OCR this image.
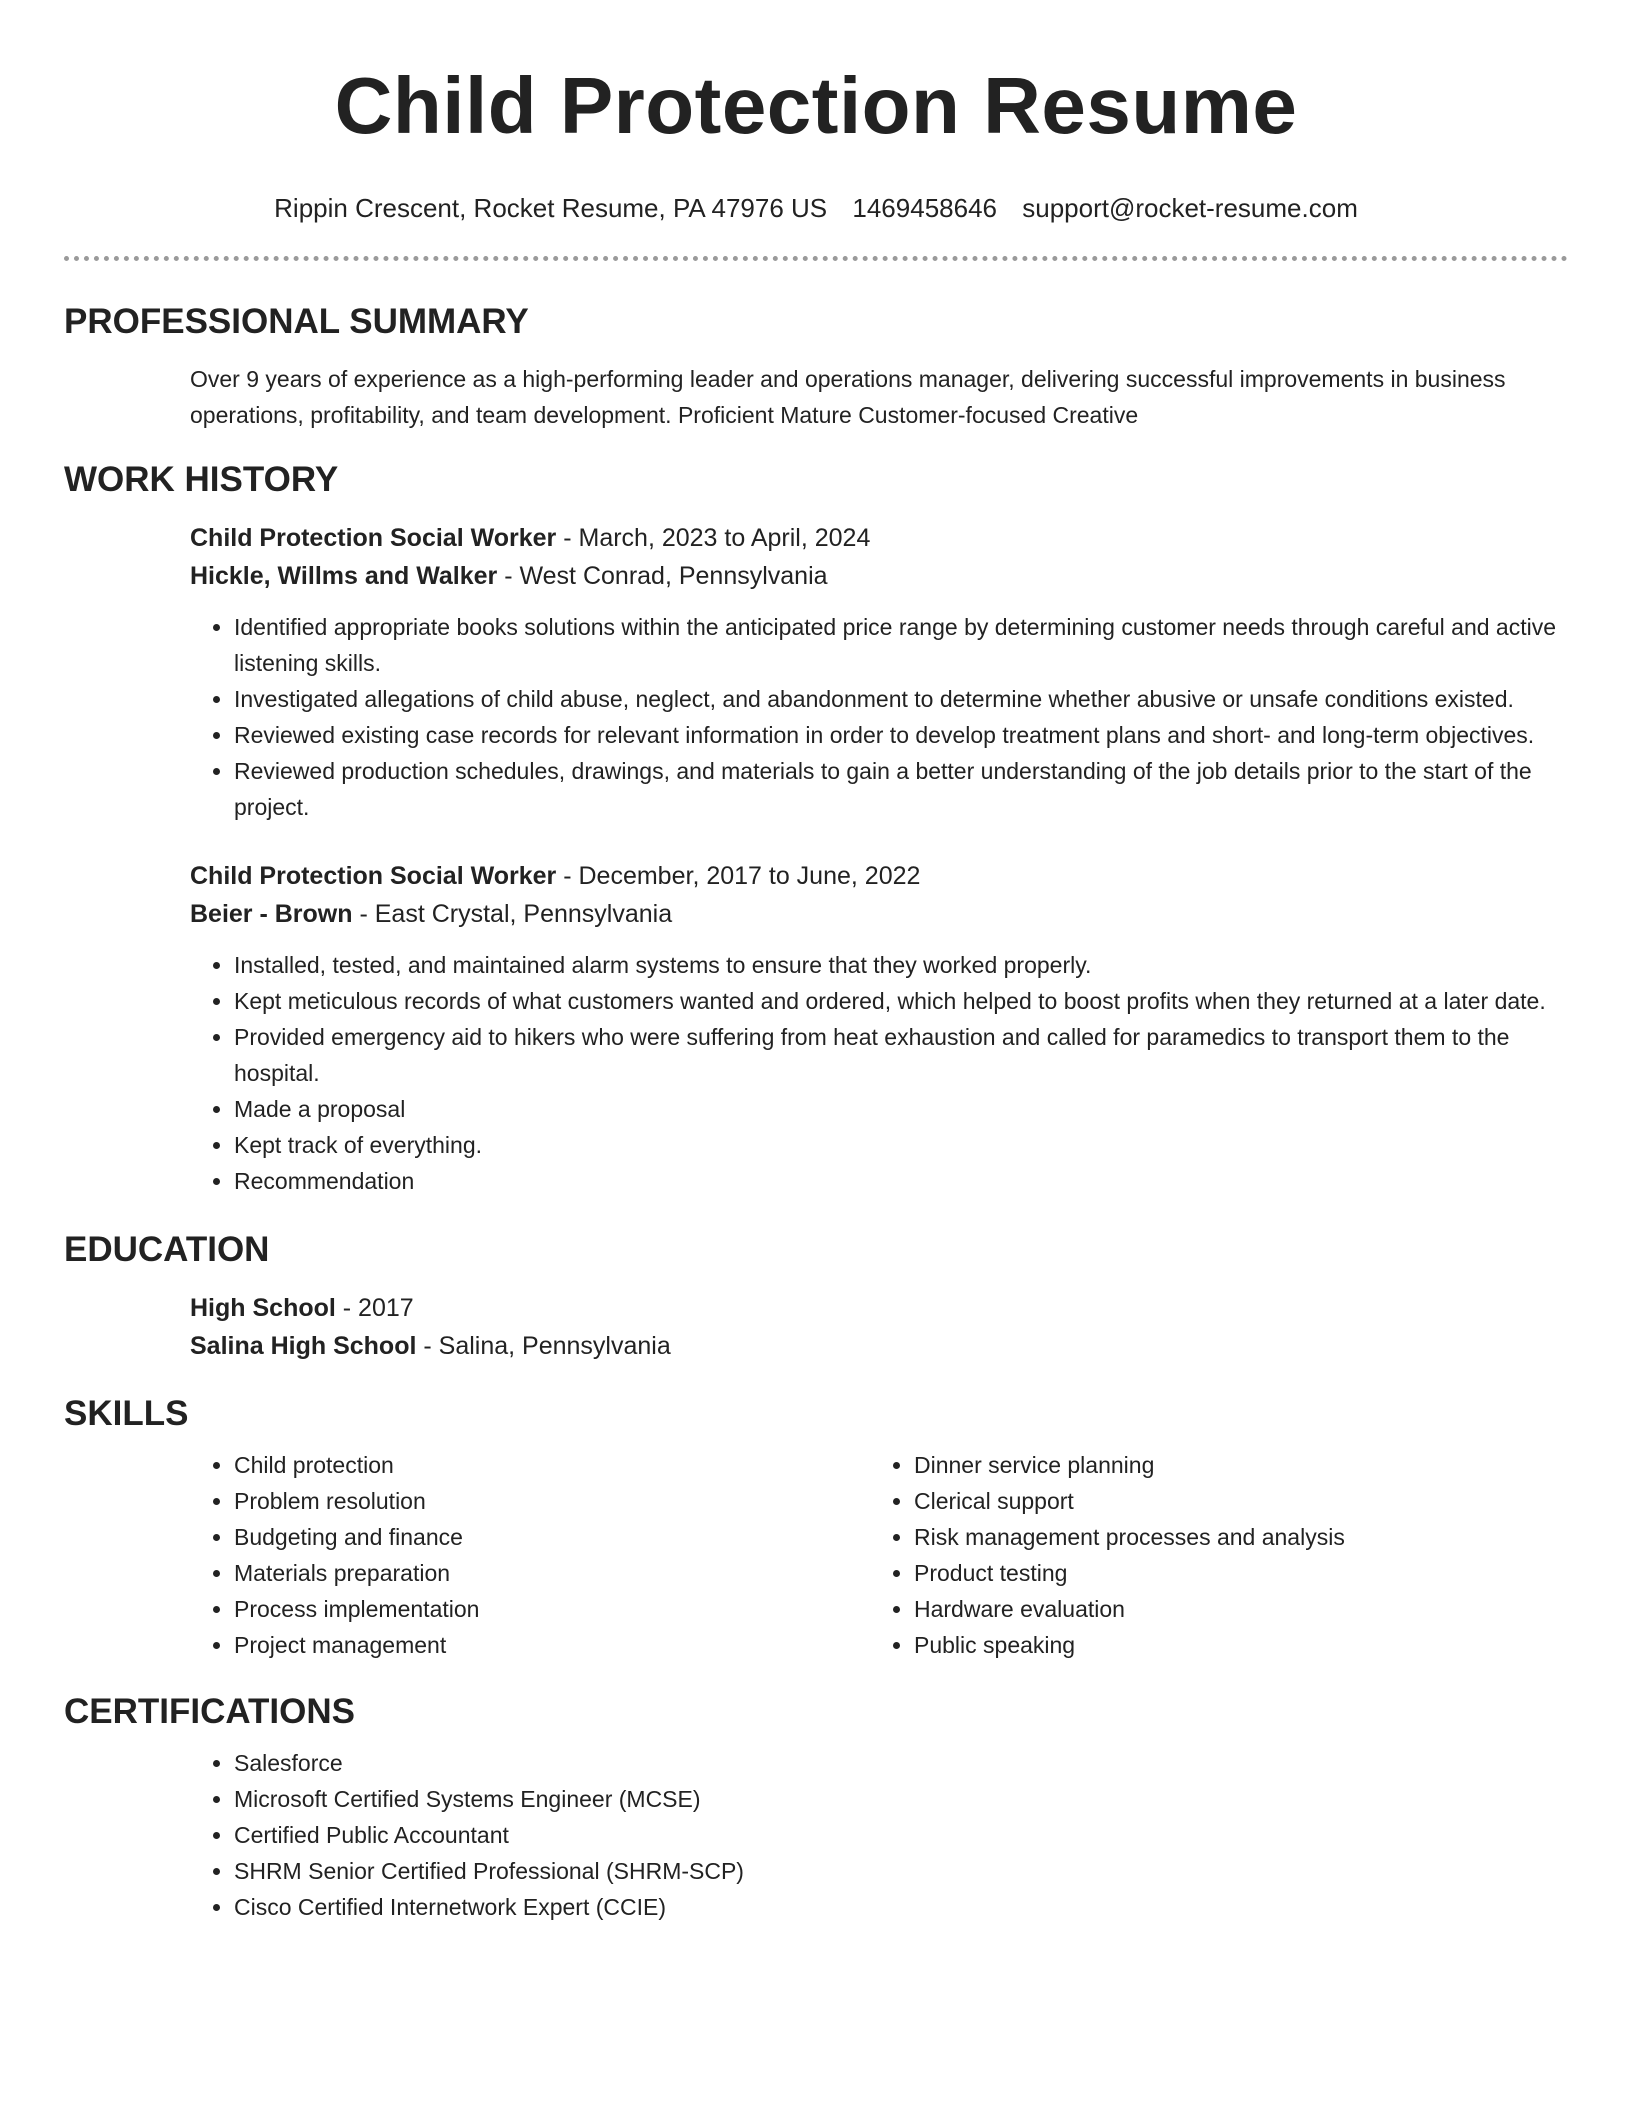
Child Protection Resume
Rippin Crescent, Rocket Resume, PA 47976 US 1469458646 support@rocket-resume.com
PROFESSIONAL SUMMARY

Over 9 years of experience as a high-performing leader and operations manager, delivering successful improvements in business operations, profitability, and team development. Proficient Mature Customer-focused Creative

WORK HISTORY

Child Protection Social Worker - March, 2023 to April, 2024

Hickle, Willms and Walker - West Conrad, Pennsylvania

• Identified appropriate books solutions within the anticipated price range by determining customer needs through careful and active listening skills.
• Investigated allegations of child abuse, neglect, and abandonment to determine whether abusive or unsafe conditions existed.
• Reviewed existing case records for relevant information in order to develop treatment plans and short- and long-term objectives.
• Reviewed production schedules, drawings, and materials to gain a better understanding of the job details prior to the start of the project.

Child Protection Social Worker - December, 2017 to June, 2022

Beier - Brown - East Crystal, Pennsylvania

• Installed, tested, and maintained alarm systems to ensure that they worked properly.
• Kept meticulous records of what customers wanted and ordered, which helped to boost profits when they returned at a later date.
• Provided emergency aid to hikers who were suffering from heat exhaustion and called for paramedics to transport them to the hospital.
• Made a proposal
• Kept track of everything.
• Recommendation
EDUCATION

High School - 2017

Salina High School - Salina, Pennsylvania

SKILLS
• Child protection
• Problem resolution
• Budgeting and finance
• Materials preparation
• Process implementation
• Project management
• Dinner service planning
• Clerical support
• Risk management processes and analysis
• Product testing
• Hardware evaluation
• Public speaking
CERTIFICATIONS
• Salesforce
• Microsoft Certified Systems Engineer (MCSE)
• Certified Public Accountant
• SHRM Senior Certified Professional (SHRM-SCP)
• Cisco Certified Internetwork Expert (CCIE)
